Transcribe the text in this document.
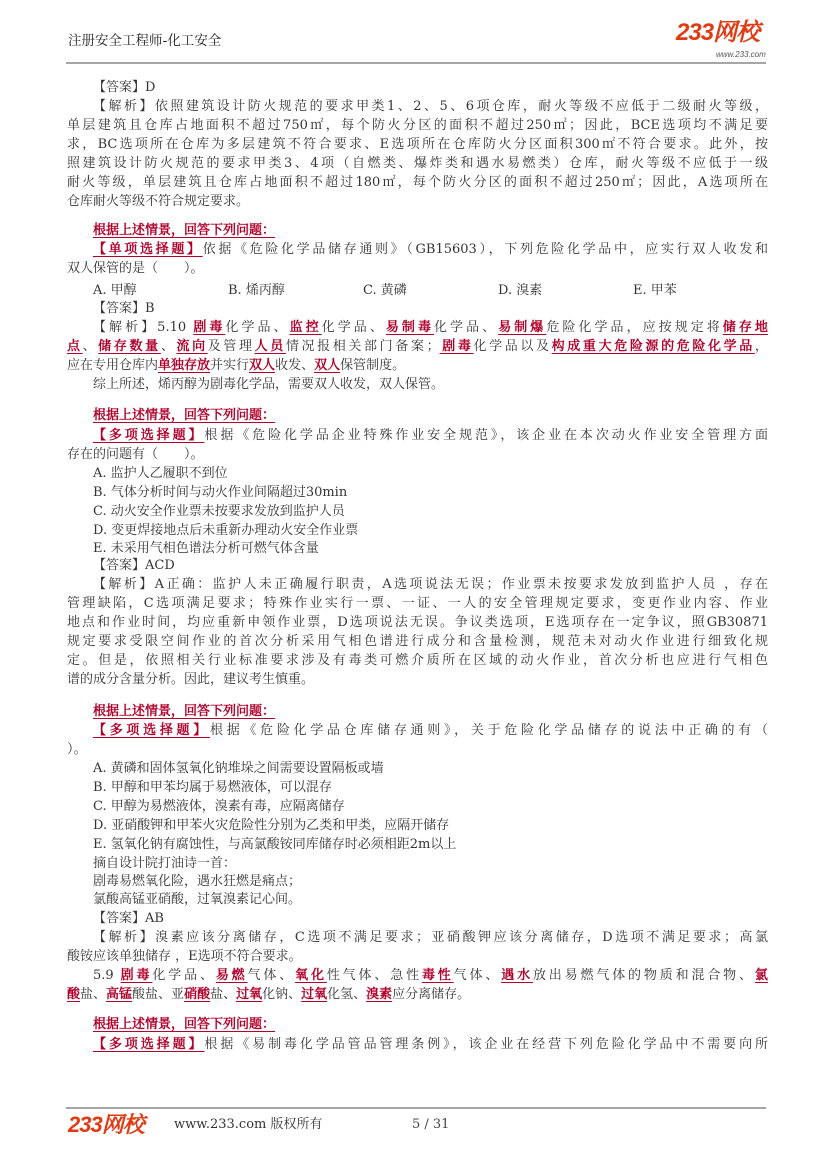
注册安全工程师-化工安全	233网校
www.233.com
【答案】D
【解析】依照建筑设计防火规范的要求甲类1、2、5、6项仓库，耐火等级不应低于二级耐火等级，
单层建筑且仓库占地面积不超过750㎡，每个防火分区的面积不超过250㎡；因此，BCE选项均不满足要
求，BC选项所在仓库为多层建筑不符合要求、E选项所在仓库防火分区面积300㎡不符合要求。此外，按
照建筑设计防火规范的要求甲类3、4项（自燃类、爆炸类和遇水易燃类）仓库，耐火等级不应低于一级
耐火等级，单层建筑且仓库占地面积不超过180㎡，每个防火分区的面积不超过250㎡；因此，A选项所在
仓库耐火等级不符合规定要求。
根据上述情景，回答下列问题：
【单项选择题】依据《危险化学品储存通则》（GB15603），下列危险化学品中，应实行双人收发和
双人保管的是（　　）。
A. 甲醇	B. 烯丙醇	C. 黄磷	D. 溴素	E. 甲苯
【答案】B
【解析】5.10 剧毒化学品、监控化学品、易制毒化学品、易制爆危险化学品，应按规定将储存地
点、储存数量、流向及管理人员情况报相关部门备案；剧毒化学品以及构成重大危险源的危险化学品，
应在专用仓库内单独存放并实行双人收发、双人保管制度。
综上所述，烯丙醇为剧毒化学品，需要双人收发，双人保管。
根据上述情景，回答下列问题：
【多项选择题】根据《危险化学品企业特殊作业安全规范》，该企业在本次动火作业安全管理方面
存在的问题有（　　）。
A. 监护人乙履职不到位
B. 气体分析时间与动火作业间隔超过30min
C. 动火安全作业票未按要求发放到监护人员
D. 变更焊接地点后未重新办理动火安全作业票
E. 未采用气相色谱法分析可燃气体含量
【答案】ACD
【解析】A正确：监护人未正确履行职责，A选项说法无误；作业票未按要求发放到监护人员 ，存在
管理缺陷，C选项满足要求；特殊作业实行一票、一证、一人的安全管理规定要求，变更作业内容、作业
地点和作业时间，均应重新申领作业票，D选项说法无误。争议类选项，E选项存在一定争议，照GB30871
规定要求受限空间作业的首次分析采用气相色谱进行成分和含量检测，规范未对动火作业进行细致化规
定。但是，依照相关行业标准要求涉及有毒类可燃介质所在区域的动火作业，首次分析也应进行气相色
谱的成分含量分析。因此，建议考生慎重。
根据上述情景，回答下列问题：
【多项选择题】根据《危险化学品仓库储存通则》，关于危险化学品储存的说法中正确的有（
）。
A. 黄磷和固体氢氧化钠堆垛之间需要设置隔板或墙
B. 甲醇和甲苯均属于易燃液体，可以混存
C. 甲醇为易燃液体，溴素有毒，应隔离储存
D. 亚硝酸钾和甲苯火灾危险性分别为乙类和甲类，应隔开储存
E. 氢氧化钠有腐蚀性，与高氯酸铵同库储存时必须相距2m以上
摘自设计院打油诗一首：
剧毒易燃氧化险，遇水狂燃是痛点；
氯酸高锰亚硝酸，过氧溴素记心间。
【答案】AB
【解析】溴素应该分离储存，C选项不满足要求；亚硝酸钾应该分离储存，D选项不满足要求；高氯
酸铵应该单独储存 ，E选项不符合要求。
5.9 剧毒化学品、易燃气体、氧化性气体、急性毒性气体、遇水放出易燃气体的物质和混合物、氯
酸盐、高锰酸盐、亚硝酸盐、过氧化钠、过氧化氢、溴素应分离储存。
根据上述情景，回答下列问题：
【多项选择题】根据《易制毒化学品管品管理条例》，该企业在经营下列危险化学品中不需要向所
233网校 www.233.com 版权所有	5 / 31
